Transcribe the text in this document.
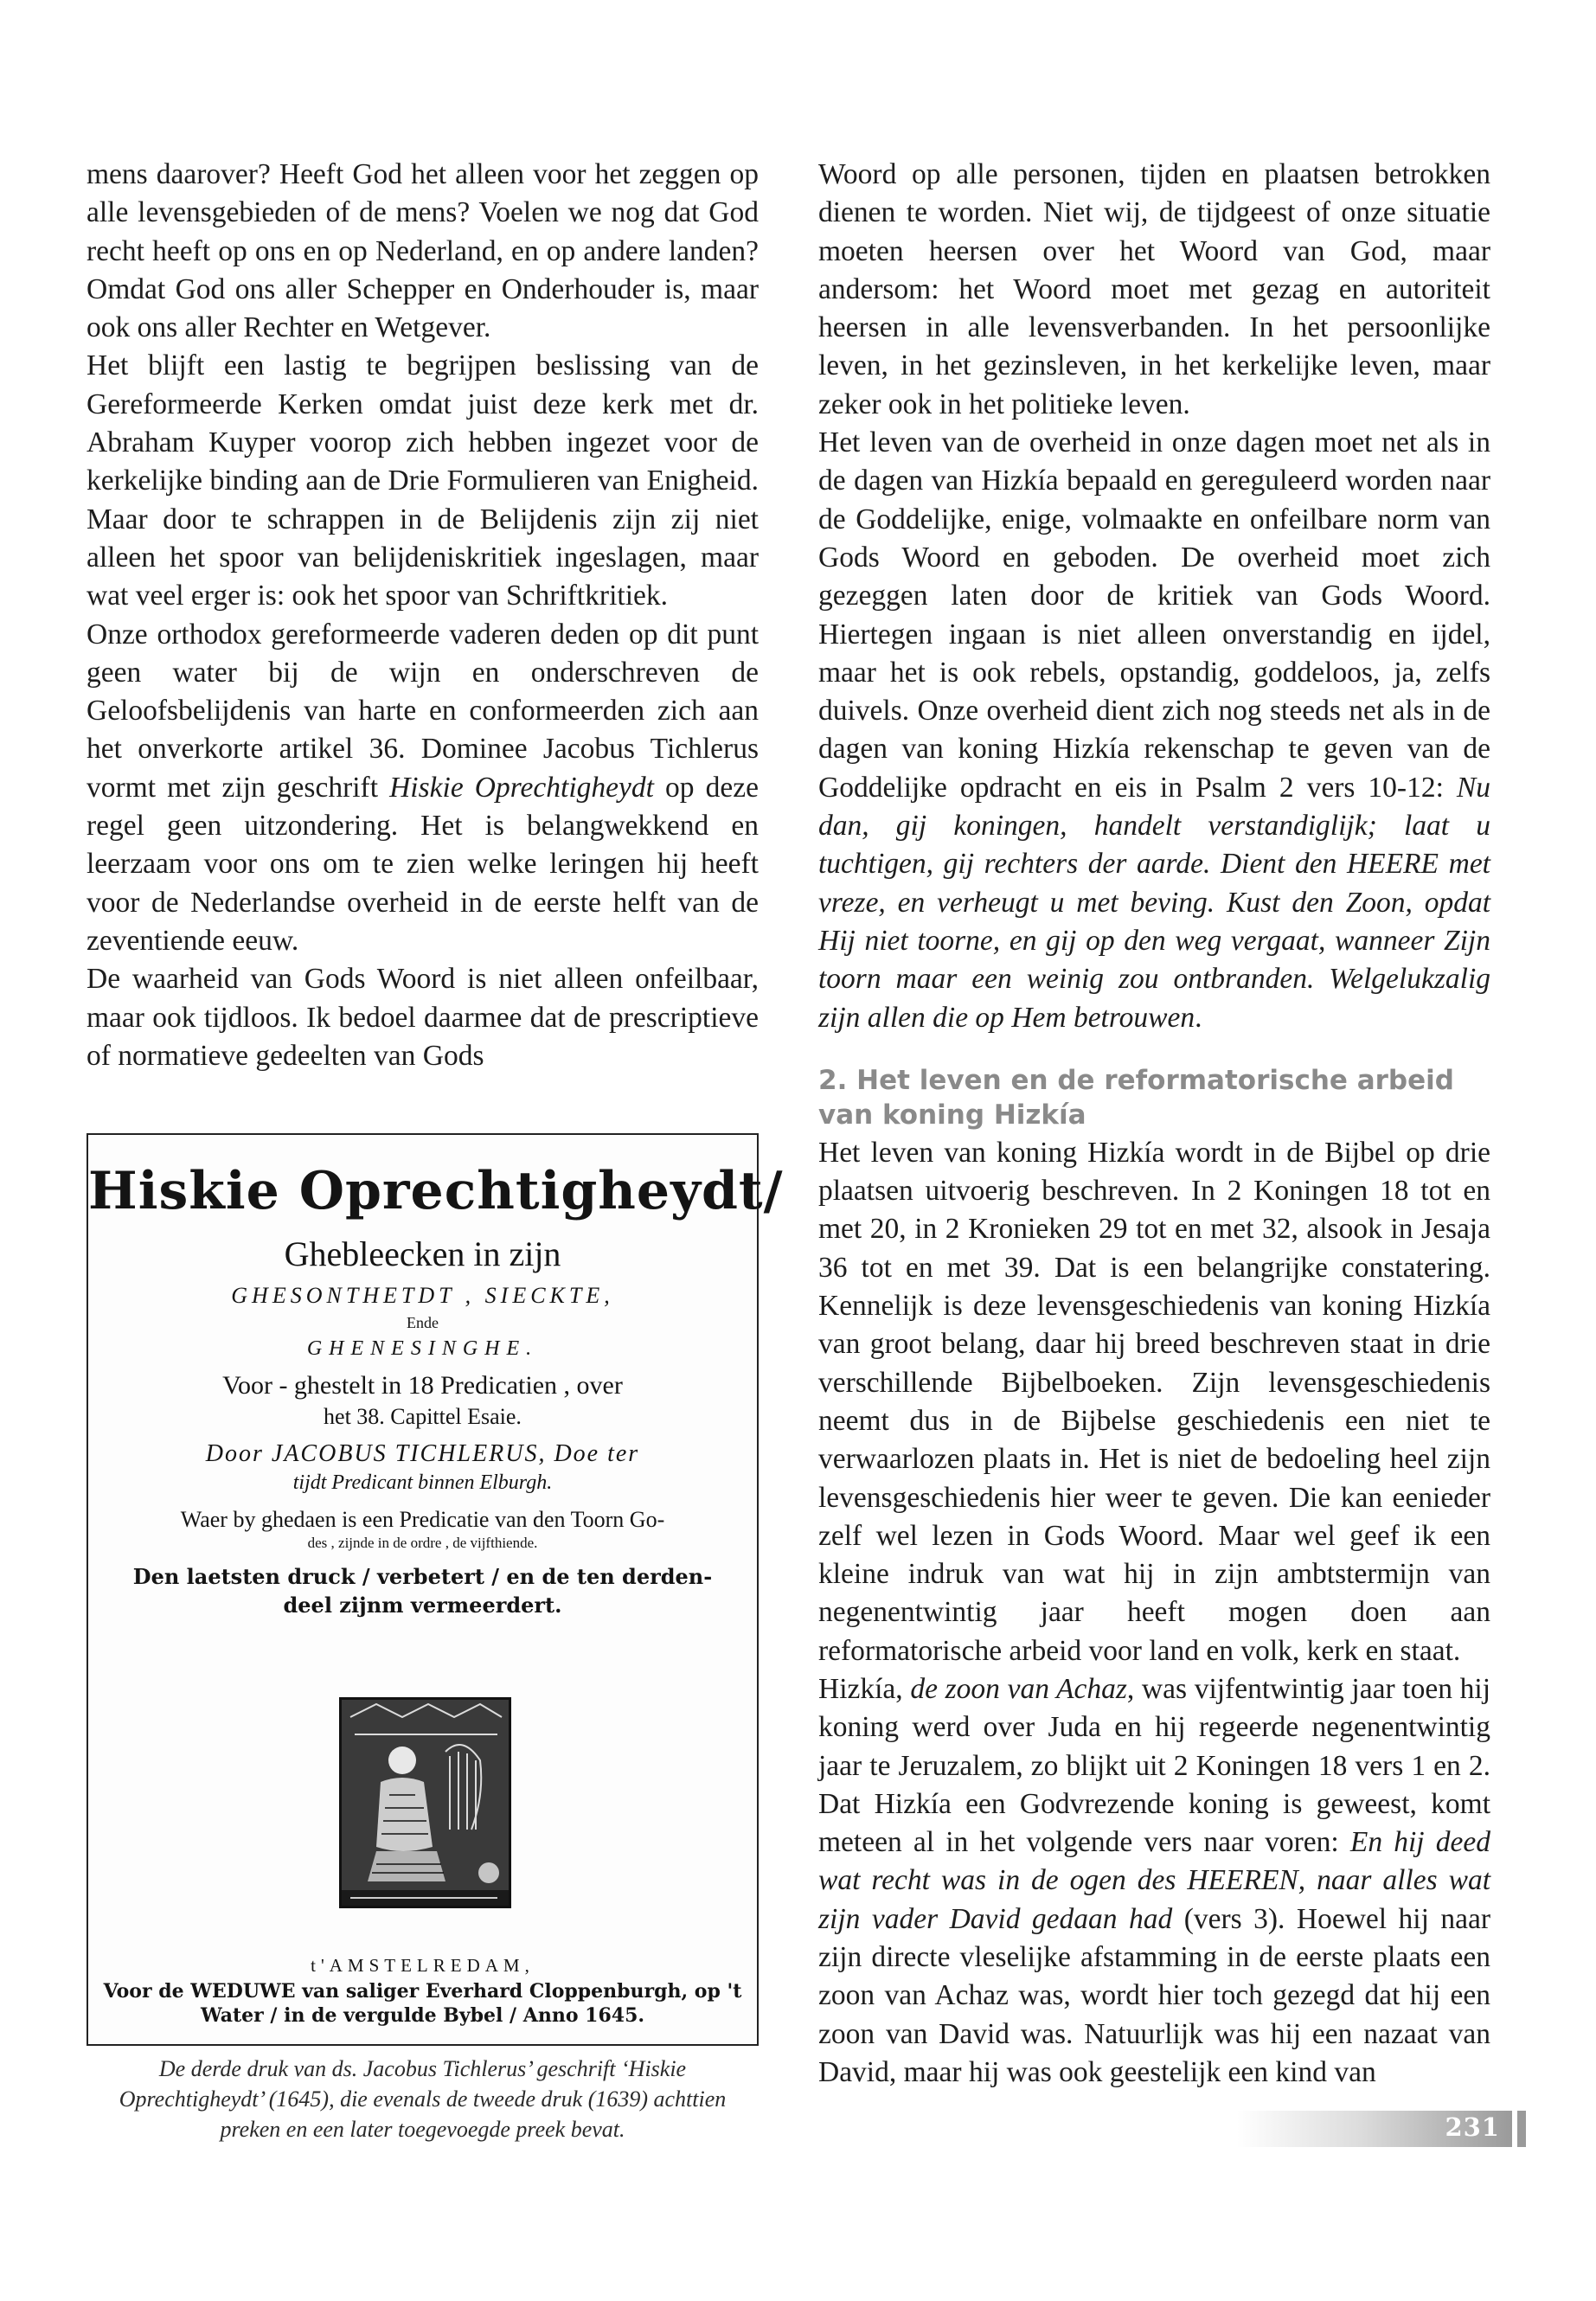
mens daarover? Heeft God het alleen voor het zeggen op alle levensgebieden of de mens? Voelen we nog dat God recht heeft op ons en op Nederland, en op andere landen? Omdat God ons aller Schepper en Onderhouder is, maar ook ons aller Rechter en Wetgever.

Het blijft een lastig te begrijpen beslissing van de Gereformeerde Kerken omdat juist deze kerk met dr. Abraham Kuyper voorop zich hebben ingezet voor de kerkelijke binding aan de Drie Formulieren van Enigheid. Maar door te schrappen in de Belijdenis zijn zij niet alleen het spoor van belijdeniskritiek ingeslagen, maar wat veel erger is: ook het spoor van Schriftkritiek.

Onze orthodox gereformeerde vaderen deden op dit punt geen water bij de wijn en onderschreven de Geloofsbelijdenis van harte en conformeerden zich aan het onverkorte artikel 36. Dominee Jacobus Tichlerus vormt met zijn geschrift Hiskie Oprechtigheydt op deze regel geen uitzondering. Het is belangwekkend en leerzaam voor ons om te zien welke leringen hij heeft voor de Nederlandse overheid in de eerste helft van de zeventiende eeuw.

De waarheid van Gods Woord is niet alleen onfeilbaar, maar ook tijdloos. Ik bedoel daarmee dat de prescriptieve of normatieve gedeelten van Gods

Hiskie Oprechtigheydt/
Ghebleecken in zijn
GHESONTHETDT , SIECKTE,
Ende
GHENESINGHE.
Voor - ghestelt in 18 Predicatien , over
het 38. Capittel Esaie.
Door JACOBUS TICHLERUS, Doe ter
tijdt Predicant binnen Elburgh.
Waer by ghedaen is een Predicatie van den Toorn Go-
des , zijnde in de ordre , de vijfthiende.
Den laetsten druck / verbetert / en de ten derden-
deel zijnm vermeerdert.
t'AMSTELREDAM,
Voor de WEDUWE van saliger Everhard Cloppenburgh, op 't
Water / in de vergulde Bybel / Anno 1645.
De derde druk van ds. Jacobus Tichlerus’ geschrift ‘Hiskie Oprechtigheydt’ (1645), die evenals de tweede druk (1639) achttien preken en een later toegevoegde preek bevat.

Woord op alle personen, tijden en plaatsen betrokken dienen te worden. Niet wij, de tijdgeest of onze situatie moeten heersen over het Woord van God, maar andersom: het Woord moet met gezag en autoriteit heersen in alle levensverbanden. In het persoonlijke leven, in het gezinsleven, in het kerkelijke leven, maar zeker ook in het politieke leven.

Het leven van de overheid in onze dagen moet net als in de dagen van Hizkía bepaald en gereguleerd worden naar de Goddelijke, enige, volmaakte en onfeilbare norm van Gods Woord en geboden. De overheid moet zich gezeggen laten door de kritiek van Gods Woord. Hiertegen ingaan is niet alleen onverstandig en ijdel, maar het is ook rebels, opstandig, goddeloos, ja, zelfs duivels. Onze overheid dient zich nog steeds net als in de dagen van koning Hizkía rekenschap te geven van de Goddelijke opdracht en eis in Psalm 2 vers 10-12: Nu dan, gij koningen, handelt verstandiglijk; laat u tuchtigen, gij rechters der aarde. Dient den HEERE met vreze, en verheugt u met beving. Kust den Zoon, opdat Hij niet toorne, en gij op den weg vergaat, wanneer Zijn toorn maar een weinig zou ontbranden. Welgelukzalig zijn allen die op Hem betrouwen.

2. Het leven en de reformatorische arbeid van koning Hizkía

Het leven van koning Hizkía wordt in de Bijbel op drie plaatsen uitvoerig beschreven. In 2 Koningen 18 tot en met 20, in 2 Kronieken 29 tot en met 32, alsook in Jesaja 36 tot en met 39. Dat is een belangrijke constatering. Kennelijk is deze levensgeschiedenis van koning Hizkía van groot belang, daar hij breed beschreven staat in drie verschillende Bijbelboeken. Zijn levensgeschiedenis neemt dus in de Bijbelse geschiedenis een niet te verwaarlozen plaats in. Het is niet de bedoeling heel zijn levensgeschiedenis hier weer te geven. Die kan eenieder zelf wel lezen in Gods Woord. Maar wel geef ik een kleine indruk van wat hij in zijn ambtstermijn van negenentwintig jaar heeft mogen doen aan reformatorische arbeid voor land en volk, kerk en staat.

Hizkía, de zoon van Achaz, was vijfentwintig jaar toen hij koning werd over Juda en hij regeerde negenentwintig jaar te Jeruzalem, zo blijkt uit 2 Koningen 18 vers 1 en 2. Dat Hizkía een Godvrezende koning is geweest, komt meteen al in het volgende vers naar voren: En hij deed wat recht was in de ogen des HEEREN, naar alles wat zijn vader David gedaan had (vers 3). Hoewel hij naar zijn directe vleselijke afstamming in de eerste plaats een zoon van Achaz was, wordt hier toch gezegd dat hij een zoon van David was. Natuurlijk was hij een nazaat van David, maar hij was ook geestelijk een kind van

231
